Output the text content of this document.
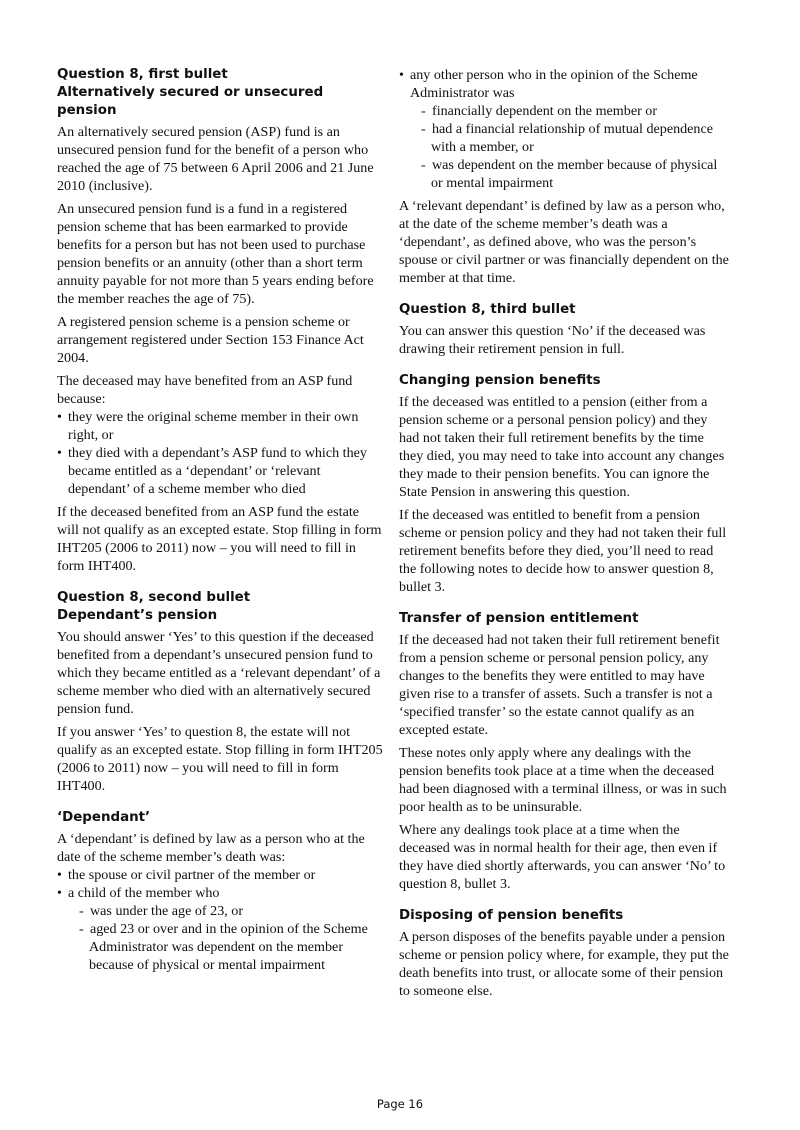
Question 8, first bullet
Alternatively secured or unsecured pension

An alternatively secured pension (ASP) fund is an unsecured pension fund for the benefit of a person who reached the age of 75 between 6 April 2006 and 21 June 2010 (inclusive).

An unsecured pension fund is a fund in a registered pension scheme that has been earmarked to provide benefits for a person but has not been used to purchase pension benefits or an annuity (other than a short term annuity payable for not more than 5 years ending before the member reaches the age of 75).

A registered pension scheme is a pension scheme or arrangement registered under Section 153 Finance Act 2004.

The deceased may have benefited from an ASP fund because:

• they were the original scheme member in their own right, or
• they died with a dependant’s ASP fund to which they became entitled as a ‘dependant’ or ‘relevant dependant’ of a scheme member who died

If the deceased benefited from an ASP fund the estate will not qualify as an excepted estate. Stop filling in form IHT205 (2006 to 2011) now – you will need to fill in form IHT400.

Question 8, second bullet
Dependant’s pension

You should answer ‘Yes’ to this question if the deceased benefited from a dependant’s unsecured pension fund to which they became entitled as a ‘relevant dependant’ of a scheme member who died with an alternatively secured pension fund.

If you answer ‘Yes’ to question 8, the estate will not qualify as an excepted estate. Stop filling in form IHT205 (2006 to 2011) now – you will need to fill in form IHT400.

‘Dependant’

A ‘dependant’ is defined by law as a person who at the date of the scheme member’s death was:

• the spouse or civil partner of the member or
• a child of the member who
- was under the age of 23, or
- aged 23 or over and in the opinion of the Scheme Administrator was dependent on the member because of physical or mental impairment
• any other person who in the opinion of the Scheme Administrator was
- financially dependent on the member or
- had a financial relationship of mutual dependence with a member, or
- was dependent on the member because of physical or mental impairment

A ‘relevant dependant’ is defined by law as a person who, at the date of the scheme member’s death was a ‘dependant’, as defined above, who was the person’s spouse or civil partner or was financially dependent on the member at that time.

Question 8, third bullet

You can answer this question ‘No’ if the deceased was drawing their retirement pension in full.

Changing pension benefits

If the deceased was entitled to a pension (either from a pension scheme or a personal pension policy) and they had not taken their full retirement benefits by the time they died, you may need to take into account any changes they made to their pension benefits. You can ignore the State Pension in answering this question.

If the deceased was entitled to benefit from a pension scheme or pension policy and they had not taken their full retirement benefits before they died, you’ll need to read the following notes to decide how to answer question 8, bullet 3.

Transfer of pension entitlement

If the deceased had not taken their full retirement benefit from a pension scheme or personal pension policy, any changes to the benefits they were entitled to may have given rise to a transfer of assets. Such a transfer is not a ‘specified transfer’ so the estate cannot qualify as an excepted estate.

These notes only apply where any dealings with the pension benefits took place at a time when the deceased had been diagnosed with a terminal illness, or was in such poor health as to be uninsurable.

Where any dealings took place at a time when the deceased was in normal health for their age, then even if they have died shortly afterwards, you can answer ‘No’ to question 8, bullet 3.

Disposing of pension benefits

A person disposes of the benefits payable under a pension scheme or pension policy where, for example, they put the death benefits into trust, or allocate some of their pension to someone else.

Page 16
